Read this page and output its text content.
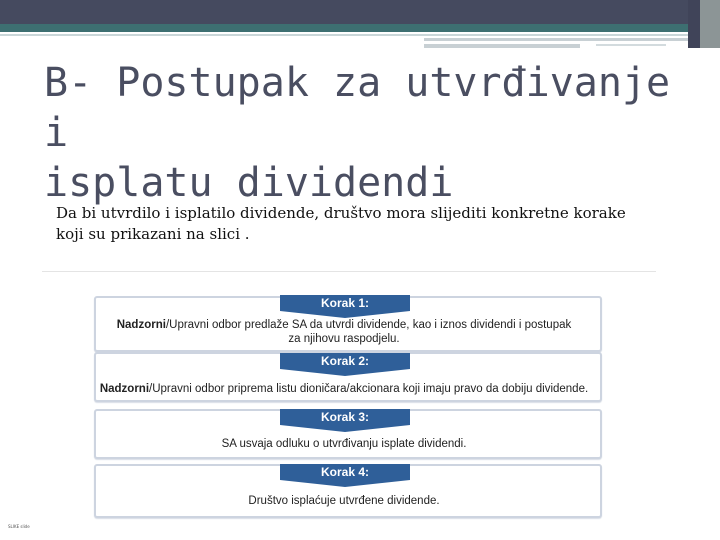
B- Postupak za utvrđivanje i
isplatu dividendi
Da bi utvrdilo i isplatilo dividende, društvo mora slijediti konkretne korake
koji su prikazani na slici .
Korak 1:
Nadzorni/Upravni odbor predlaže SA da utvrdi dividende, kao i iznos dividendi i postupak
za njihovu raspodjelu.
Korak 2:
Nadzorni/Upravni odbor priprema listu dioničara/akcionara koji imaju pravo da dobiju dividende.
Korak 3:
SA usvaja odluku o utvrđivanju isplate dividendi.
Korak 4:
Društvo isplaćuje utvrđene dividende.
SLIKE slide
